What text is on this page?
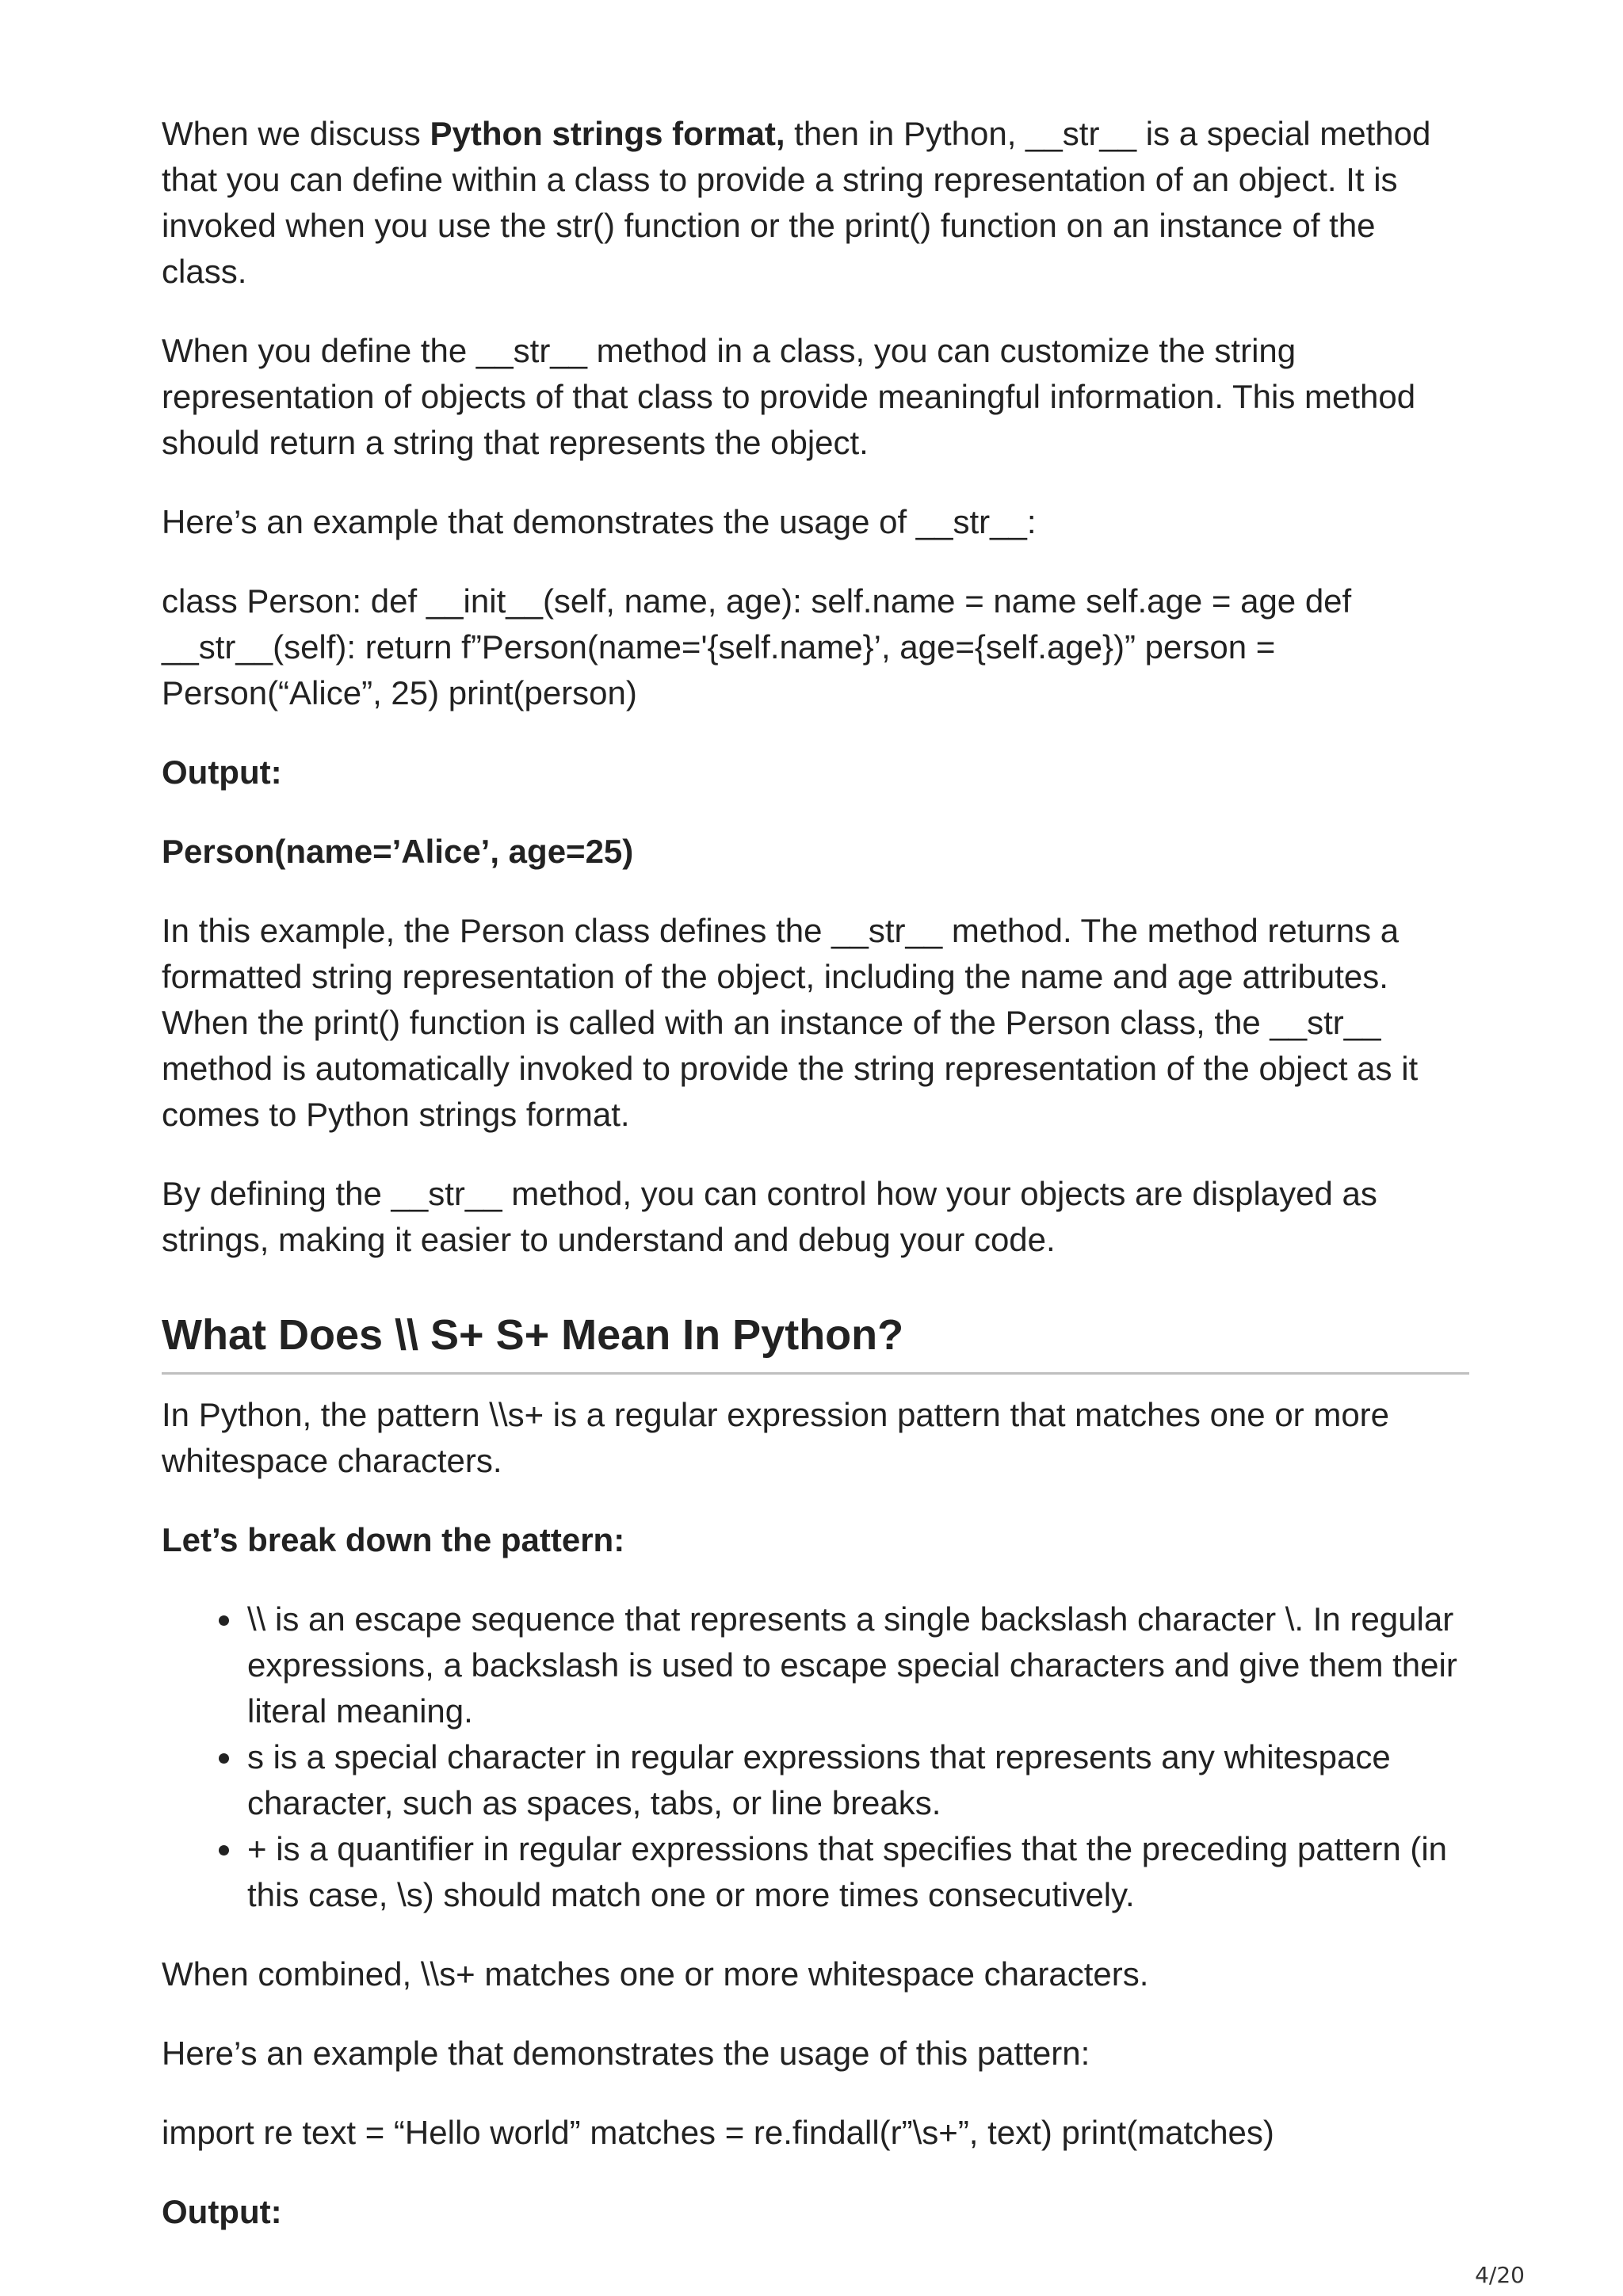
When we discuss Python strings format, then in Python, __str__ is a special method that you can define within a class to provide a string representation of an object. It is invoked when you use the str() function or the print() function on an instance of the class.

When you define the __str__ method in a class, you can customize the string representation of objects of that class to provide meaningful information. This method should return a string that represents the object.

Here’s an example that demonstrates the usage of __str__:

class Person: def __init__(self, name, age): self.name = name self.age = age def __str__(self): return f”Person(name='{self.name}’, age={self.age})” person = Person(“Alice”, 25) print(person)

Output:

Person(name=’Alice’, age=25)

In this example, the Person class defines the __str__ method. The method returns a formatted string representation of the object, including the name and age attributes. When the print() function is called with an instance of the Person class, the __str__ method is automatically invoked to provide the string representation of the object as it comes to Python strings format.

By defining the __str__ method, you can control how your objects are displayed as strings, making it easier to understand and debug your code.

What Does \\ S+ S+ Mean In Python?

In Python, the pattern \\s+ is a regular expression pattern that matches one or more whitespace characters.

Let’s break down the pattern:

• \\ is an escape sequence that represents a single backslash character \. In regular expressions, a backslash is used to escape special characters and give them their literal meaning.
• s is a special character in regular expressions that represents any whitespace character, such as spaces, tabs, or line breaks.
• + is a quantifier in regular expressions that specifies that the preceding pattern (in this case, \s) should match one or more times consecutively.

When combined, \\s+ matches one or more whitespace characters.

Here’s an example that demonstrates the usage of this pattern:

import re text = “Hello world” matches = re.findall(r”\s+”, text) print(matches)

Output:

4/20
